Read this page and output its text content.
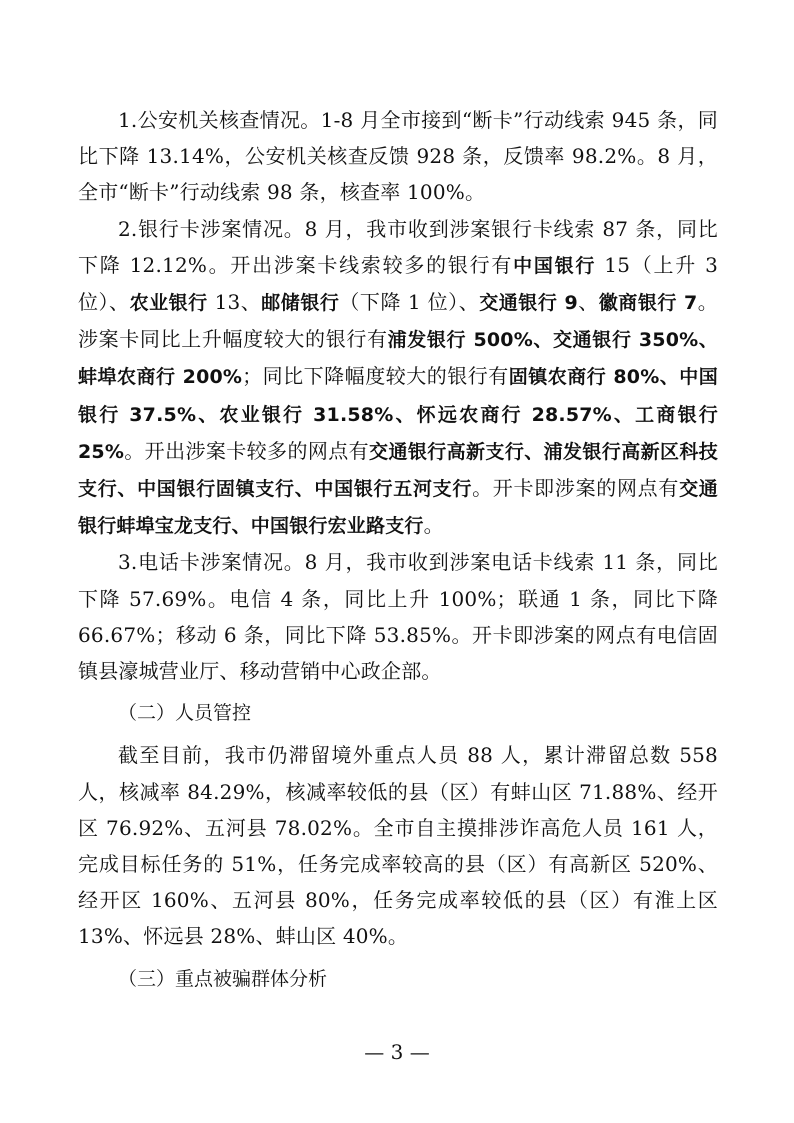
1.公安机关核查情况。1-8 月全市接到“断卡”行动线索 945 条，同比下降 13.14%，公安机关核查反馈 928 条，反馈率 98.2%。8 月，全市“断卡”行动线索 98 条，核查率 100%。

2.银行卡涉案情况。8 月，我市收到涉案银行卡线索 87 条，同比下降 12.12%。开出涉案卡线索较多的银行有中国银行 15（上升 3 位）、农业银行 13、邮储银行（下降 1 位）、交通银行 9、徽商银行 7。涉案卡同比上升幅度较大的银行有浦发银行 500%、交通银行 350%、蚌埠农商行 200%；同比下降幅度较大的银行有固镇农商行 80%、中国银行 37.5%、农业银行 31.58%、怀远农商行 28.57%、工商银行 25%。开出涉案卡较多的网点有交通银行高新支行、浦发银行高新区科技支行、中国银行固镇支行、中国银行五河支行。开卡即涉案的网点有交通银行蚌埠宝龙支行、中国银行宏业路支行。

3.电话卡涉案情况。8 月，我市收到涉案电话卡线索 11 条，同比下降 57.69%。电信 4 条，同比上升 100%；联通 1 条，同比下降 66.67%；移动 6 条，同比下降 53.85%。开卡即涉案的网点有电信固镇县濠城营业厅、移动营销中心政企部。

（二）人员管控

截至目前，我市仍滞留境外重点人员 88 人，累计滞留总数 558 人，核减率 84.29%，核减率较低的县（区）有蚌山区 71.88%、经开区 76.92%、五河县 78.02%。全市自主摸排涉诈高危人员 161 人，完成目标任务的 51%，任务完成率较高的县（区）有高新区 520%、经开区 160%、五河县 80%，任务完成率较低的县（区）有淮上区 13%、怀远县 28%、蚌山区 40%。

（三）重点被骗群体分析

— 3 —
